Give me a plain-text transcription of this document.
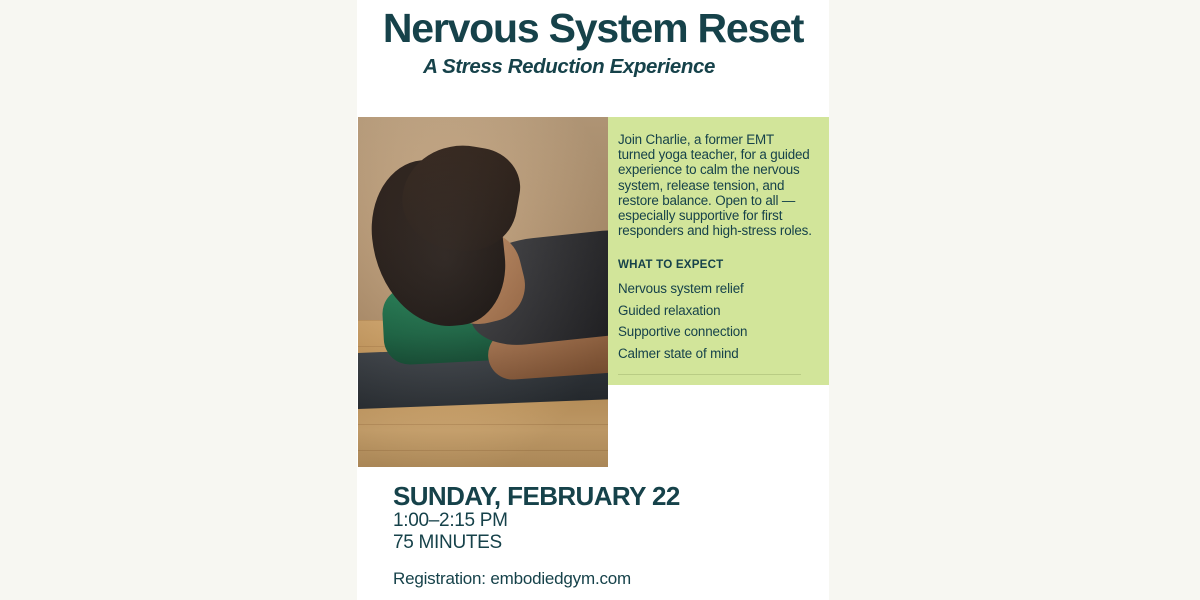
Nervous System Reset
A Stress Reduction Experience
Join Charlie, a former EMT turned yoga teacher, for a guided experience to calm the nervous system, release tension, and restore balance. Open to all — especially supportive for first responders and high-stress roles.
WHAT TO EXPECT
Nervous system relief
Guided relaxation
Supportive connection
Calmer state of mind
SUNDAY, FEBRUARY 22
1:00–2:15 PM
75 MINUTES
Registration: embodiedgym.com
